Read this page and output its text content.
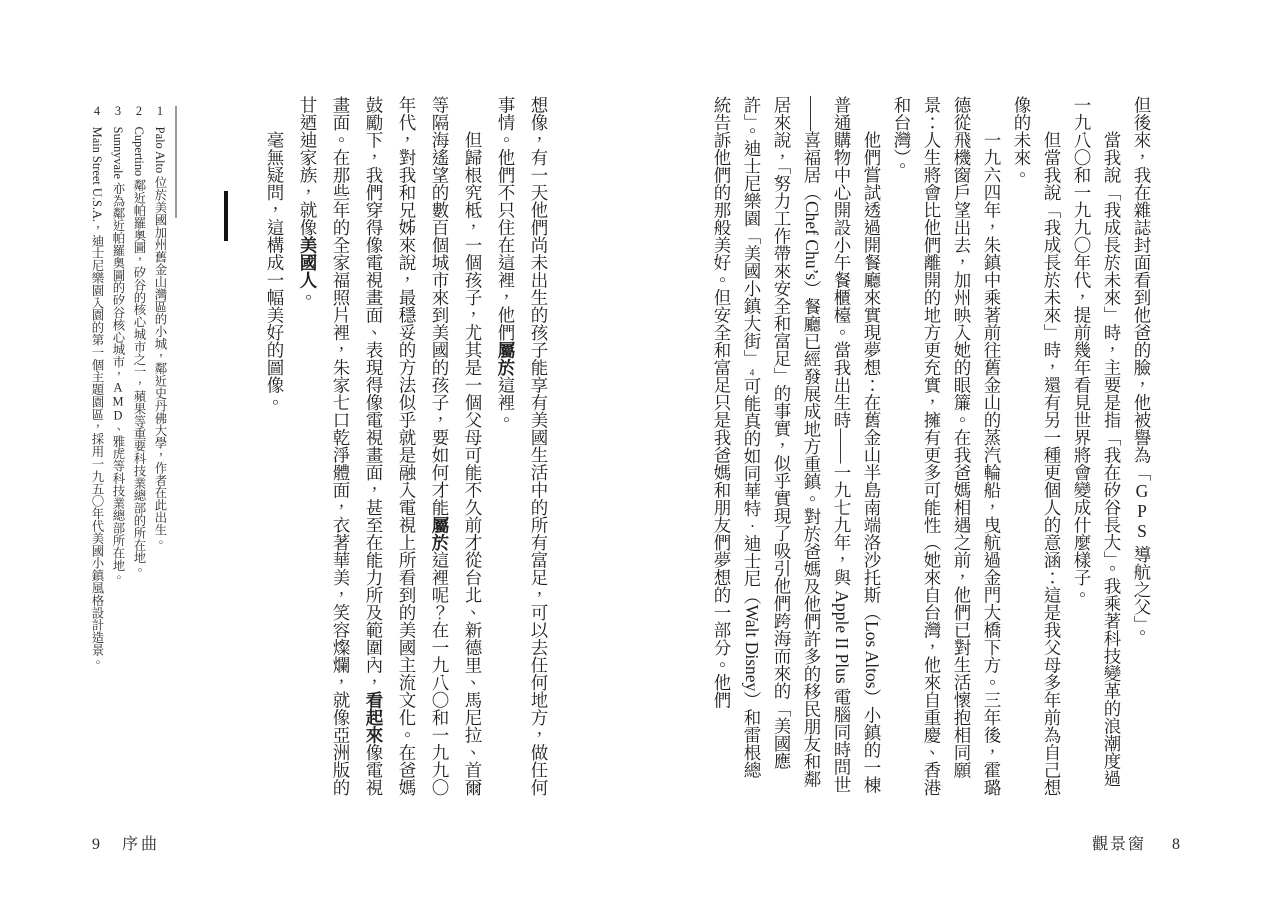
但後來，我在雜誌封面看到他爸的臉，他被譽為「GPS 導航之父」。

當我說「我成長於未來」時，主要是指「我在矽谷長大」。我乘著科技變革的浪潮度過一九八〇和一九九〇年代，提前幾年看見世界將會變成什麼樣子。

但當我說「我成長於未來」時，還有另一種更個人的意涵：這是我父母多年前為自己想像的未來。

一九六四年，朱鎮中乘著前往舊金山的蒸汽輪船，曳航過金門大橋下方。三年後，霍璐德從飛機窗戶望出去，加州映入她的眼簾。在我爸媽相遇之前，他們已對生活懷抱相同願景：人生將會比他們離開的地方更充實，擁有更多可能性（她來自台灣，他來自重慶、香港和台灣）。

他們嘗試透過開餐廳來實現夢想：在舊金山半島南端洛沙托斯（Los Altos）小鎮的一棟普通購物中心開設小午餐櫃檯。當我出生時——一九七九年，與 Apple II Plus 電腦同時問世——喜福居（Chef Chu’s）餐廳已經發展成地方重鎮。對於爸媽及他們許多的移民朋友和鄰居來說，「努力工作帶來安全和富足」的事實，似乎實現了吸引他們跨海而來的「美國應許」。迪士尼樂園「美國小鎮大街」4可能真的如同華特．迪士尼（Walt Disney）和雷根總統告訴他們的那般美好。但安全和富足只是我爸媽和朋友們夢想的一部分。他們

想像，有一天他們尚未出生的孩子能享有美國生活中的所有富足，可以去任何地方，做任何事情。他們不只住在這裡，他們屬於這裡。

但歸根究柢，一個孩子，尤其是一個父母可能不久前才從台北、新德里、馬尼拉、首爾等隔海遙望的數百個城市來到美國的孩子，要如何才能屬於這裡呢？在一九八〇和一九九〇年代，對我和兄姊來說，最穩妥的方法似乎就是融入電視上所看到的美國主流文化。在爸媽鼓勵下，我們穿得像電視畫面、表現得像電視畫面，甚至在能力所及範圍內，看起來像電視畫面。在那些年的全家福照片裡，朱家七口乾淨體面，衣著華美，笑容燦爛，就像亞洲版的甘迺迪家族，就像美國人。

毫無疑問，這構成一幅美好的圖像。

1Palo Alto 位於美國加州舊金山灣區的小城，鄰近史丹佛大學，作者在此出生。

2Cupertino 鄰近帕羅奧圖，矽谷的核心城市之一，蘋果等重要科技業總部的所在地。

3Sunnyvale 亦為鄰近帕羅奧圖的矽谷核心城市，AMD、雅虎等科技業總部所在地。

4Main Street U.S.A.，迪士尼樂園入園的第一個主題園區，採用一九五〇年代美國小鎮風格設計造景。

觀景窗 8
9 序曲
